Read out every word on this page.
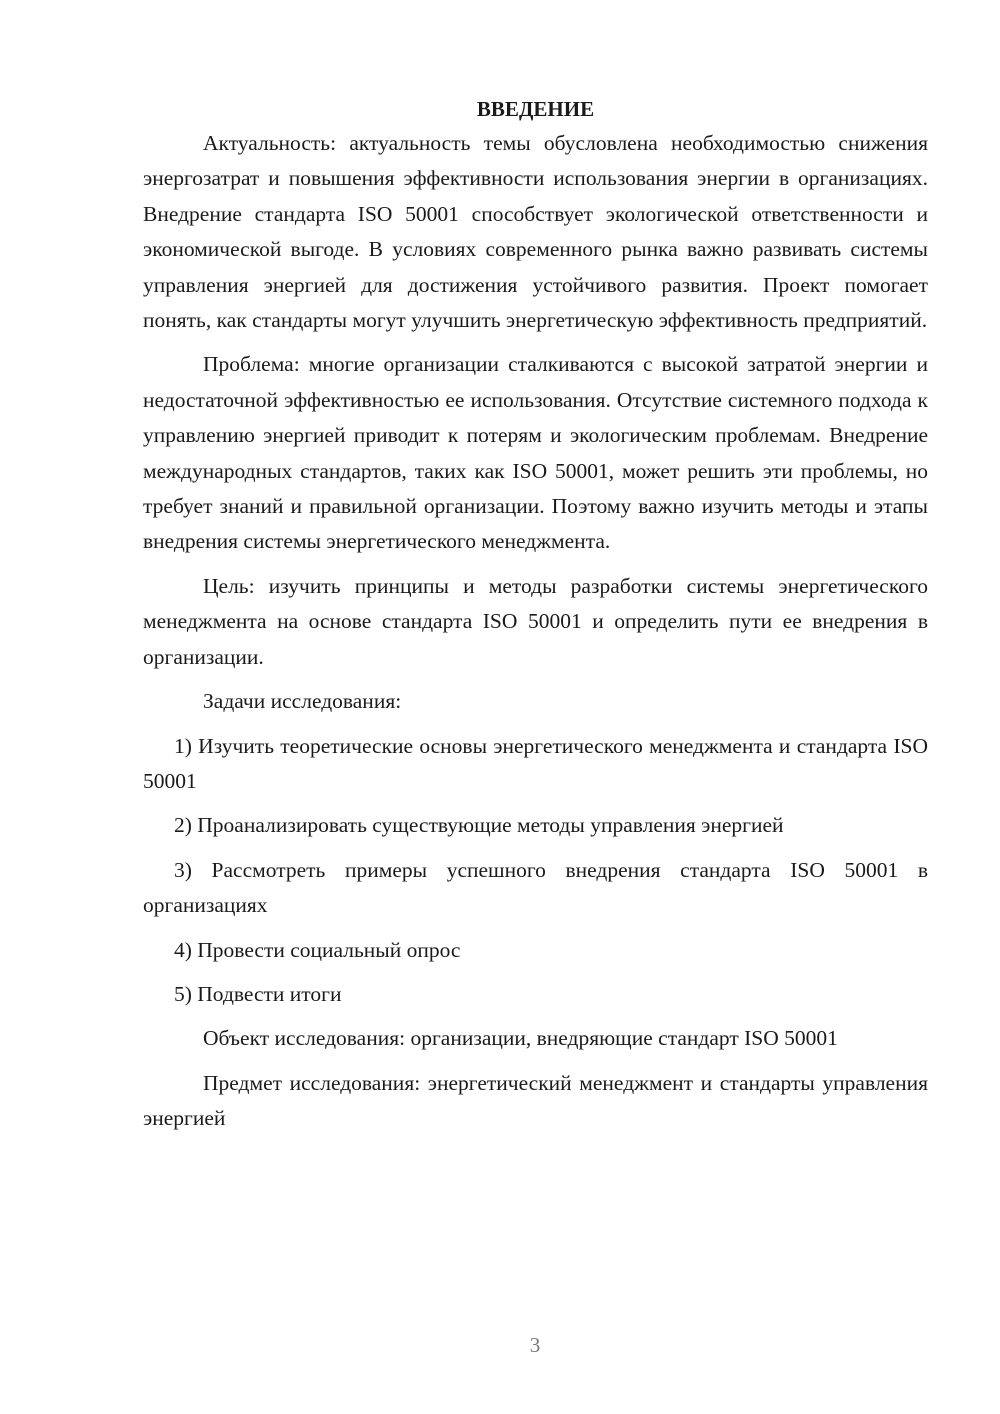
ВВЕДЕНИЕ

Актуальность: актуальность темы обусловлена необходимостью снижения энергозатрат и повышения эффективности использования энергии в организациях. Внедрение стандарта ISO 50001 способствует экологической ответственности и экономической выгоде. В условиях современного рынка важно развивать системы управления энергией для достижения устойчивого развития. Проект помогает понять, как стандарты могут улучшить энергетическую эффективность предприятий.

Проблема: многие организации сталкиваются с высокой затратой энергии и недостаточной эффективностью ее использования. Отсутствие системного подхода к управлению энергией приводит к потерям и экологическим проблемам. Внедрение международных стандартов, таких как ISO 50001, может решить эти проблемы, но требует знаний и правильной организации. Поэтому важно изучить методы и этапы внедрения системы энергетического менеджмента.

Цель: изучить принципы и методы разработки системы энергетического менеджмента на основе стандарта ISO 50001 и определить пути ее внедрения в организации.

Задачи исследования:

1) Изучить теоретические основы энергетического менеджмента и стандарта ISO 50001

2) Проанализировать существующие методы управления энергией

3) Рассмотреть примеры успешного внедрения стандарта ISO 50001 в организациях

4) Провести социальный опрос

5) Подвести итоги

Объект исследования: организации, внедряющие стандарт ISO 50001

Предмет исследования: энергетический менеджмент и стандарты управления энергией

3
